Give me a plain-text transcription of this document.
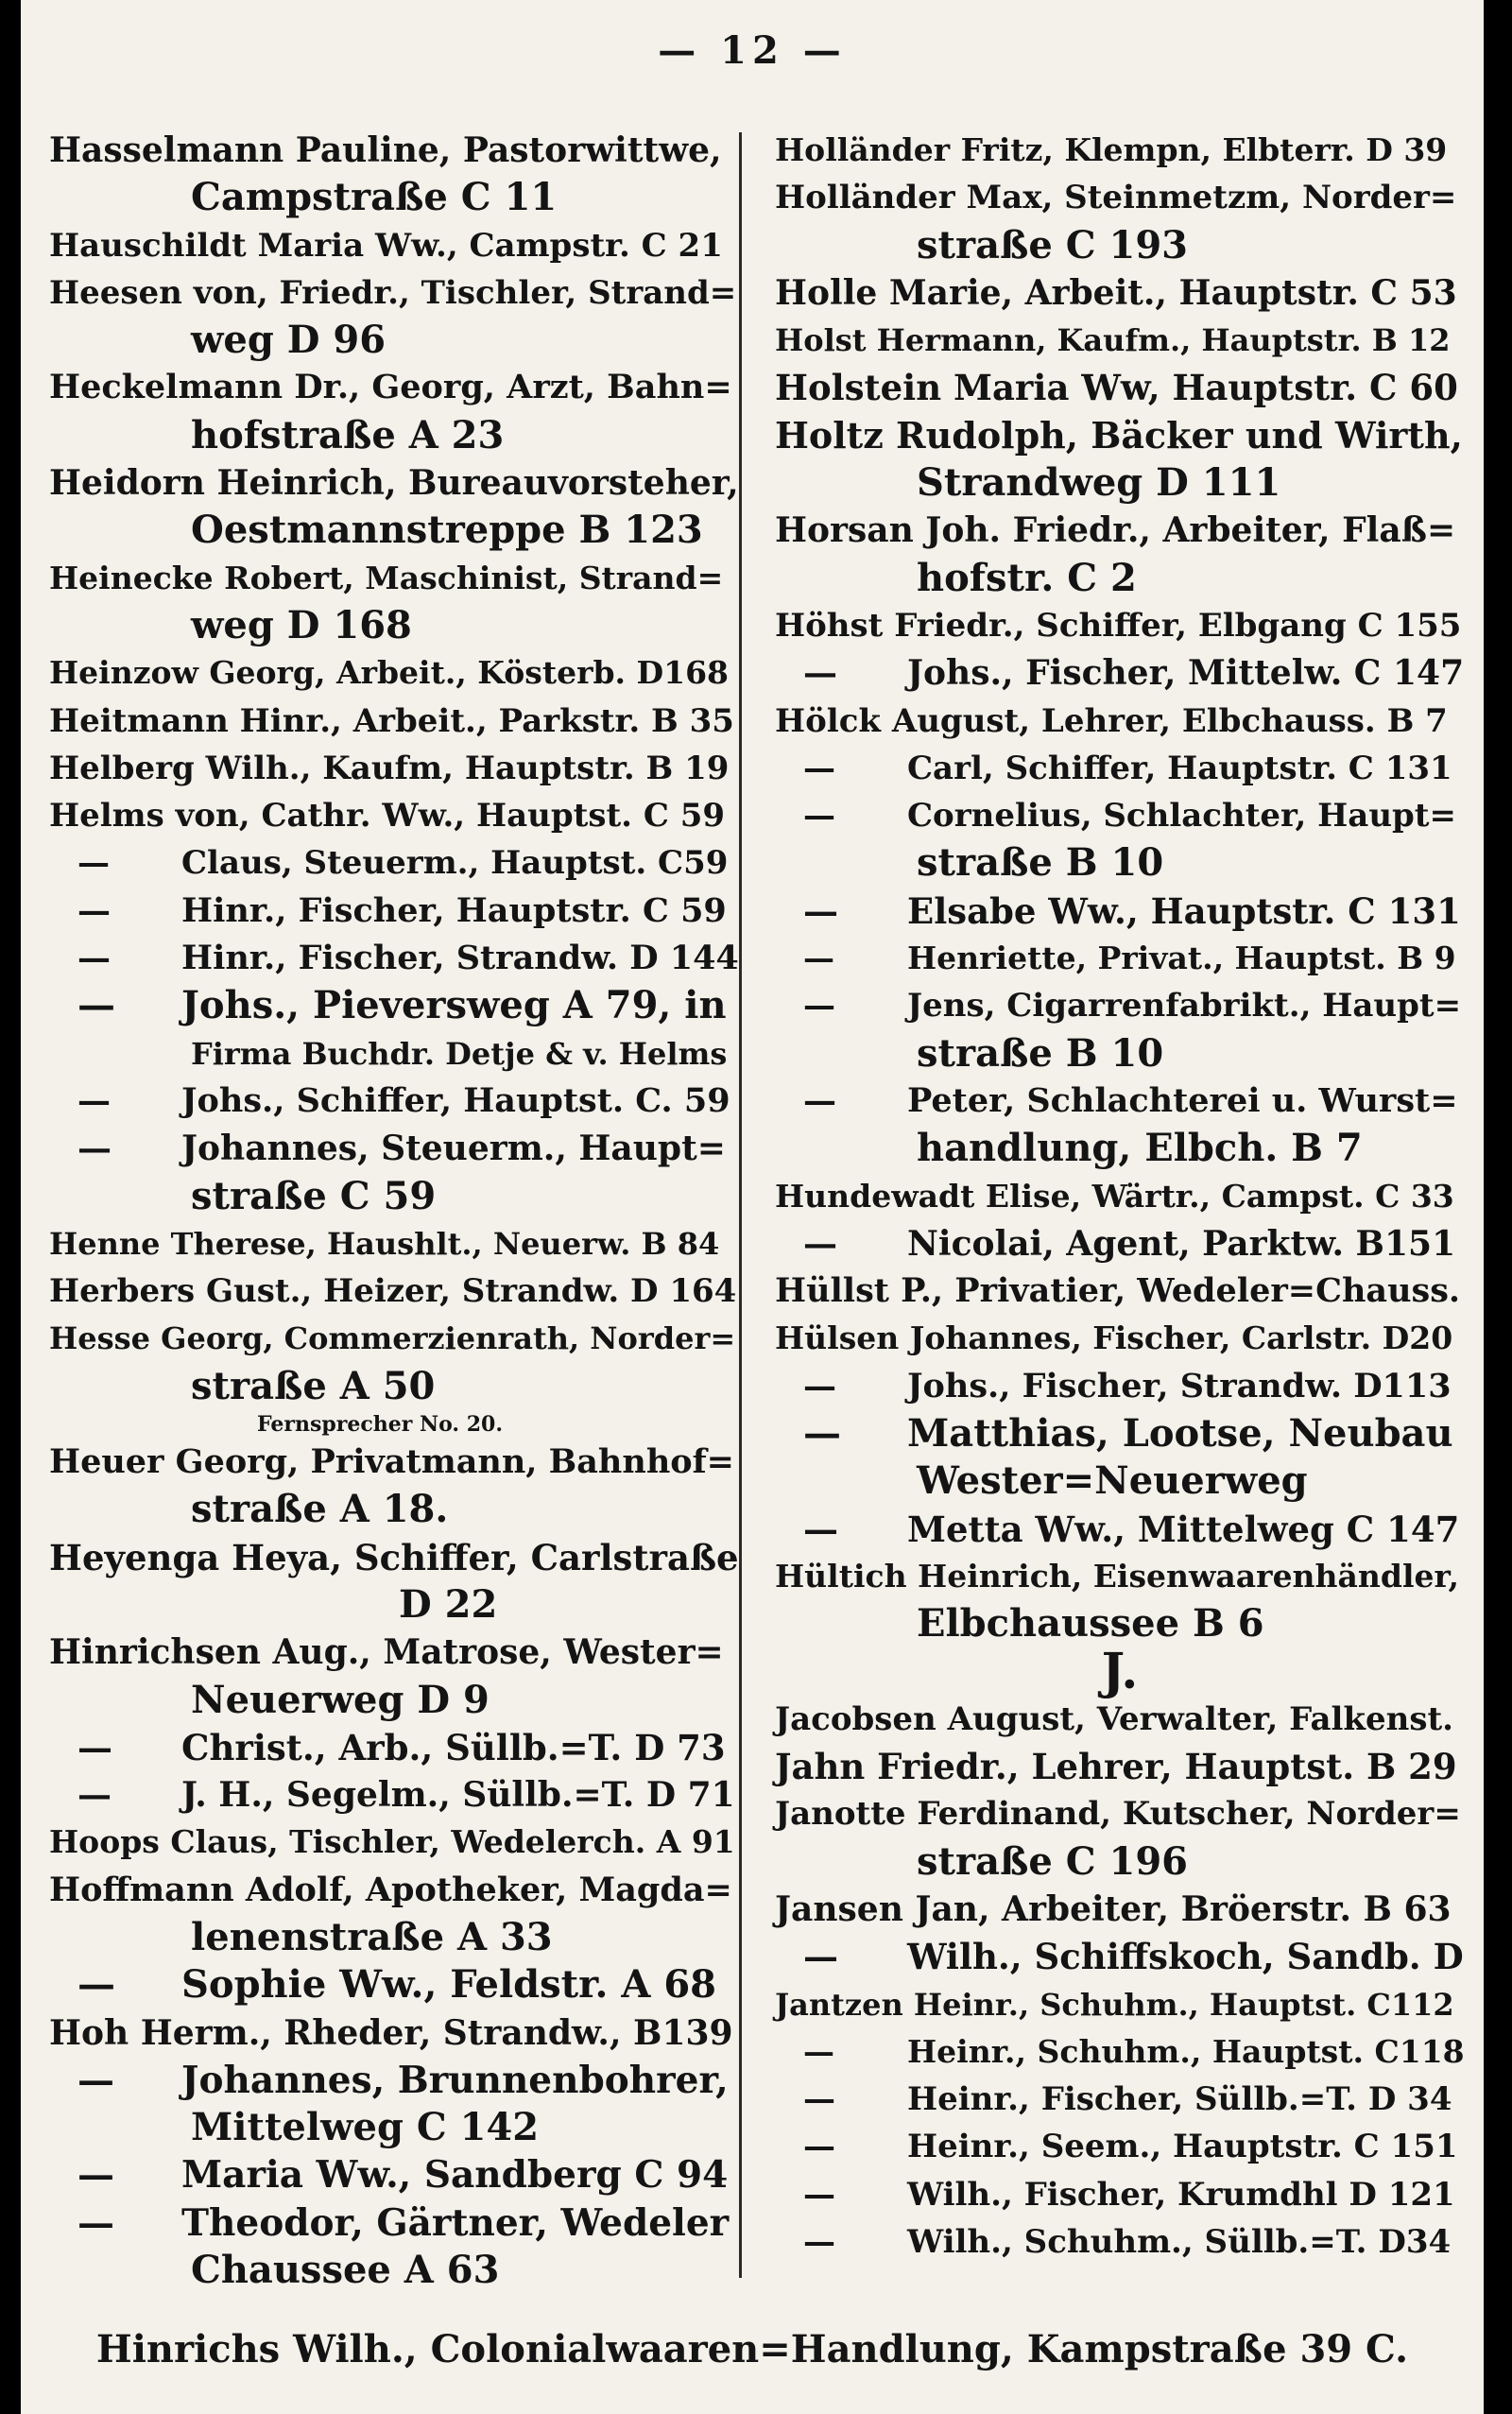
— 12 —
Hasselmann Pauline, Pastorwittwe,
Campstraße C 11
Hauschildt Maria Ww., Campstr. C 21
Heesen von, Friedr., Tischler, Strand=
weg D 96
Heckelmann Dr., Georg, Arzt, Bahn=
hofstraße A 23
Heidorn Heinrich, Bureauvorsteher,
Oestmannstreppe B 123
Heinecke Robert, Maschinist, Strand=
weg D 168
Heinzow Georg, Arbeit., Kösterb. D168
Heitmann Hinr., Arbeit., Parkstr. B 35
Helberg Wilh., Kaufm, Hauptstr. B 19
Helms von, Cathr. Ww., Hauptst. C 59
— Claus, Steuerm., Hauptst. C59
— Hinr., Fischer, Hauptstr. C 59
— Hinr., Fischer, Strandw. D 144
— Johs., Pieversweg A 79, in
Firma Buchdr. Detje & v. Helms
— Johs., Schiffer, Hauptst. C. 59
— Johannes, Steuerm., Haupt=
straße C 59
Henne Therese, Haushlt., Neuerw. B 84
Herbers Gust., Heizer, Strandw. D 164
Hesse Georg, Commerzienrath, Norder=
straße A 50
Fernsprecher No. 20.
Heuer Georg, Privatmann, Bahnhof=
straße A 18.
Heyenga Heya, Schiffer, Carlstraße
D 22
Hinrichsen Aug., Matrose, Wester=
Neuerweg D 9
— Christ., Arb., Süllb.=T. D 73
— J. H., Segelm., Süllb.=T. D 71
Hoops Claus, Tischler, Wedelerch. A 91
Hoffmann Adolf, Apotheker, Magda=
lenenstraße A 33
— Sophie Ww., Feldstr. A 68
Hoh Herm., Rheder, Strandw., B139
— Johannes, Brunnenbohrer,
Mittelweg C 142
— Maria Ww., Sandberg C 94
— Theodor, Gärtner, Wedeler
Chaussee A 63
Holländer Fritz, Klempn, Elbterr. D 39
Holländer Max, Steinmetzm, Norder=
straße C 193
Holle Marie, Arbeit., Hauptstr. C 53
Holst Hermann, Kaufm., Hauptstr. B 12
Holstein Maria Ww, Hauptstr. C 60
Holtz Rudolph, Bäcker und Wirth,
Strandweg D 111
Horsan Joh. Friedr., Arbeiter, Flaß=
hofstr. C 2
Höhst Friedr., Schiffer, Elbgang C 155
— Johs., Fischer, Mittelw. C 147
Hölck August, Lehrer, Elbchauss. B 7
— Carl, Schiffer, Hauptstr. C 131
— Cornelius, Schlachter, Haupt=
straße B 10
— Elsabe Ww., Hauptstr. C 131
— Henriette, Privat., Hauptst. B 9
— Jens, Cigarrenfabrikt., Haupt=
straße B 10
— Peter, Schlachterei u. Wurst=
handlung, Elbch. B 7
Hundewadt Elise, Wärtr., Campst. C 33
— Nicolai, Agent, Parktw. B151
Hüllst P., Privatier, Wedeler=Chauss.
Hülsen Johannes, Fischer, Carlstr. D20
— Johs., Fischer, Strandw. D113
— Matthias, Lootse, Neubau
Wester=Neuerweg
— Metta Ww., Mittelweg C 147
Hültich Heinrich, Eisenwaarenhändler,
Elbchaussee B 6
J.
Jacobsen August, Verwalter, Falkenst.
Jahn Friedr., Lehrer, Hauptst. B 29
Janotte Ferdinand, Kutscher, Norder=
straße C 196
Jansen Jan, Arbeiter, Bröerstr. B 63
— Wilh., Schiffskoch, Sandb. D
Jantzen Heinr., Schuhm., Hauptst. C112
— Heinr., Schuhm., Hauptst. C118
— Heinr., Fischer, Süllb.=T. D 34
— Heinr., Seem., Hauptstr. C 151
— Wilh., Fischer, Krumdhl D 121
— Wilh., Schuhm., Süllb.=T. D34
Hinrichs Wilh., Colonialwaaren=Handlung, Kampstraße 39 C.
